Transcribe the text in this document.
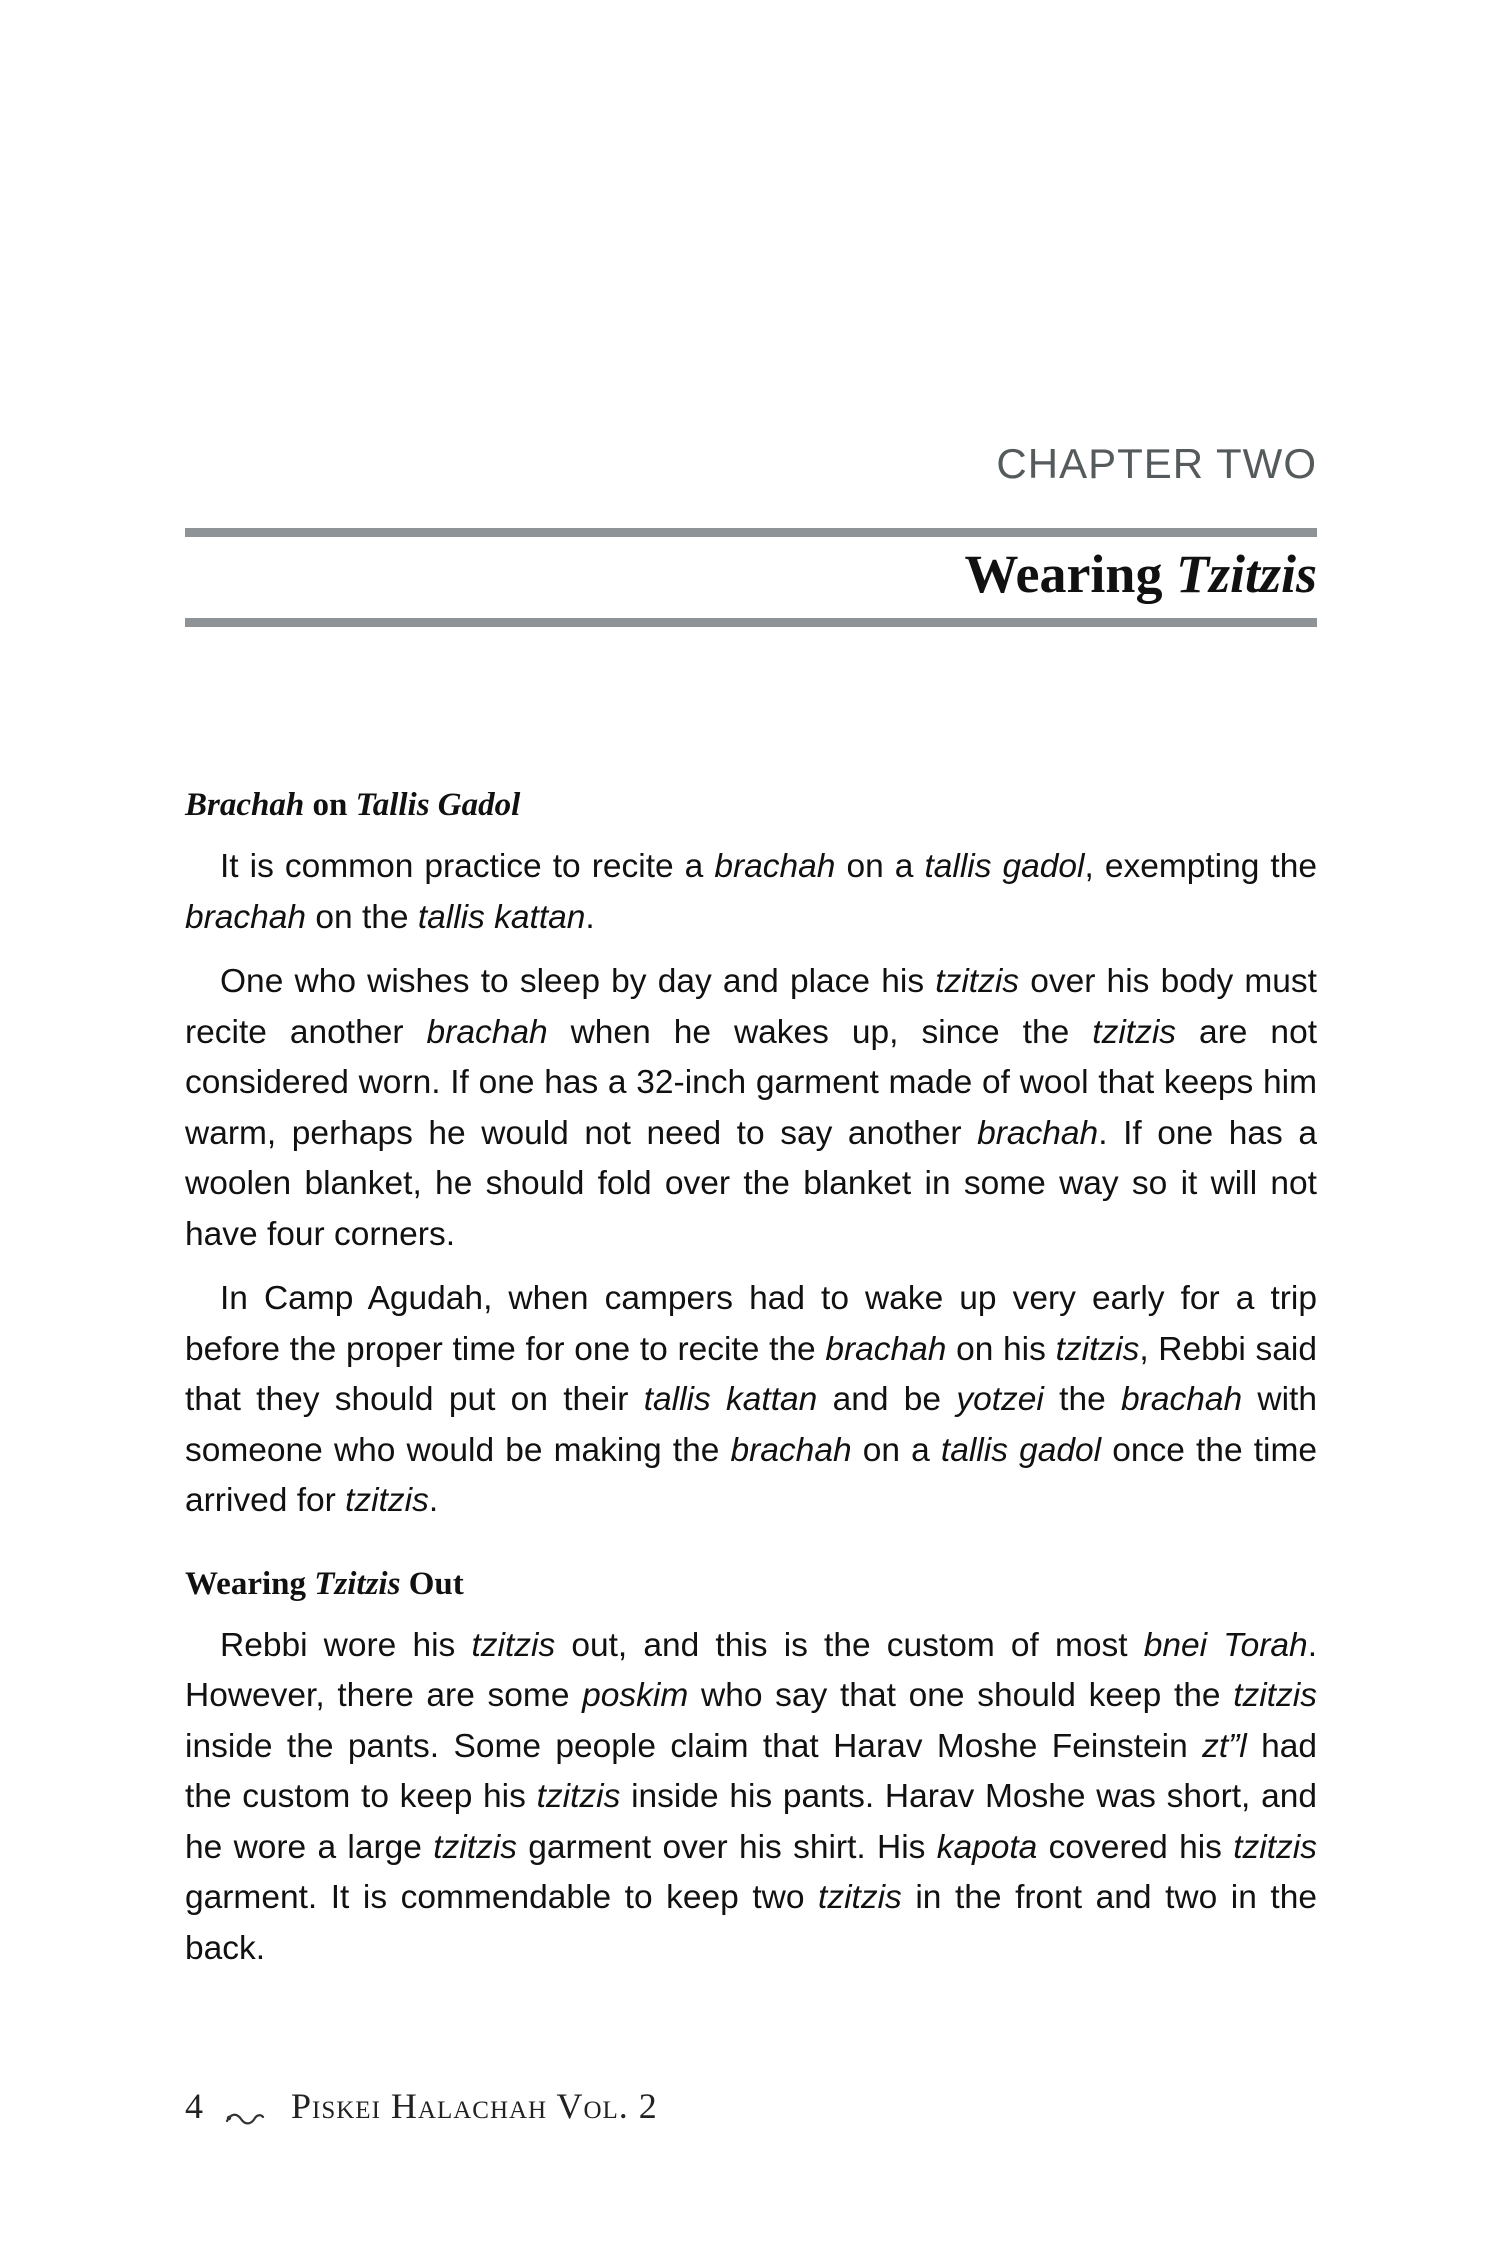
CHAPTER TWO
Wearing Tzitzis
Brachah on Tallis Gadol

It is common practice to recite a brachah on a tallis gadol, exempting the brachah on the tallis kattan.

One who wishes to sleep by day and place his tzitzis over his body must recite another brachah when he wakes up, since the tzitzis are not considered worn. If one has a 32-inch garment made of wool that keeps him warm, perhaps he would not need to say another brachah. If one has a woolen blanket, he should fold over the blanket in some way so it will not have four corners.

In Camp Agudah, when campers had to wake up very early for a trip before the proper time for one to recite the brachah on his tzitzis, Rebbi said that they should put on their tallis kattan and be yotzei the brachah with someone who would be making the brachah on a tallis gadol once the time arrived for tzitzis.

Wearing Tzitzis Out

Rebbi wore his tzitzis out, and this is the custom of most bnei Torah. However, there are some poskim who say that one should keep the tzitzis inside the pants. Some people claim that Harav Moshe Feinstein zt”l had the custom to keep his tzitzis inside his pants. Harav Moshe was short, and he wore a large tzitzis garment over his shirt. His kapota covered his tzitzis garment. It is commendable to keep two tzitzis in the front and two in the back.

4 Piskei Halachah Vol. 2
